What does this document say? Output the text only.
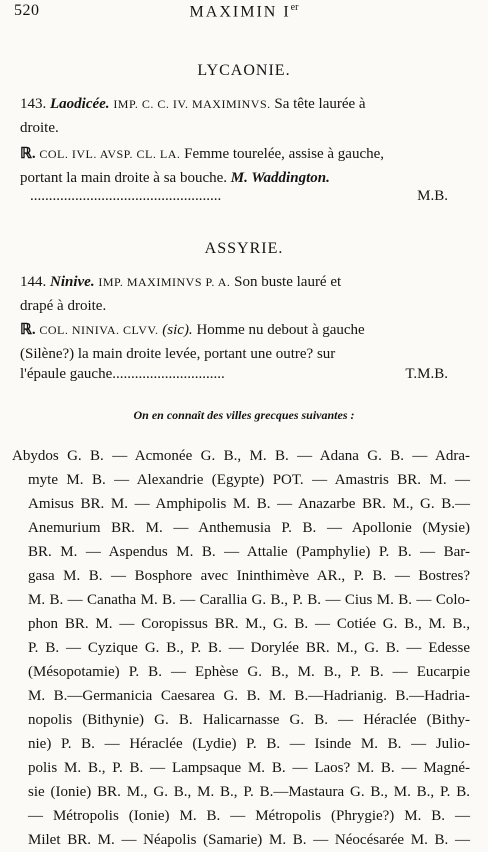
520	MAXIMIN Ier
LYCAONIE.
143. Laodicée. IMP. C. C. IV. MAXIMINVS. Sa tête laurée à
droite.
ℝ. COL. IVL. AVSP. CL. LA. Femme tourelée, assise à gauche,
portant la main droite à sa bouche. M. Waddington.
...................................................	M.B.
ASSYRIE.
144. Ninive. IMP. MAXIMINVS P. A. Son buste lauré et
drapé à droite.
ℝ. COL. NINIVA. CLVV. (sic). Homme nu debout à gauche
(Silène?) la main droite levée, portant une outre? sur
l'épaule gauche..............................	T.M.B.
On en connaît des villes grecques suivantes :
Abydos G. B. — Acmonée G. B., M. B. — Adana G. B. — Adra-
myte M. B. — Alexandrie (Egypte) POT. — Amastris BR. M. —
Amisus BR. M. — Amphipolis M. B. — Anazarbe BR. M., G. B.—
Anemurium BR. M. — Anthemusia P. B. — Apollonie (Mysie)
BR. M. — Aspendus M. B. — Attalie (Pamphylie) P. B. — Bar-
gasa M. B. — Bosphore avec Ininthimève AR., P. B. — Bostres?
M. B. — Canatha M. B. — Carallia G. B., P. B. — Cius M. B. — Colo-
phon BR. M. — Coropissus BR. M., G. B. — Cotiée G. B., M. B.,
P. B. — Cyzique G. B., P. B. — Dorylée BR. M., G. B. — Edesse
(Mésopotamie) P. B. — Ephèse G. B., M. B., P. B. — Eucarpie
M. B.—Germanicia Caesarea G. B. M. B.—Hadrianig. B.—Hadria-
nopolis (Bithynie) G. B. Halicarnasse G. B. — Héraclée (Bithy-
nie) P. B. — Héraclée (Lydie) P. B. — Isinde M. B. — Julio-
polis M. B., P. B. — Lampsaque M. B. — Laos? M. B. — Magné-
sie (Ionie) BR. M., G. B., M. B., P. B.—Mastaura G. B., M. B., P. B.
— Métropolis (Ionie) M. B. — Métropolis (Phrygie?) M. B. —
Milet BR. M. — Néapolis (Samarie) M. B. — Néocésarée M. B. —
